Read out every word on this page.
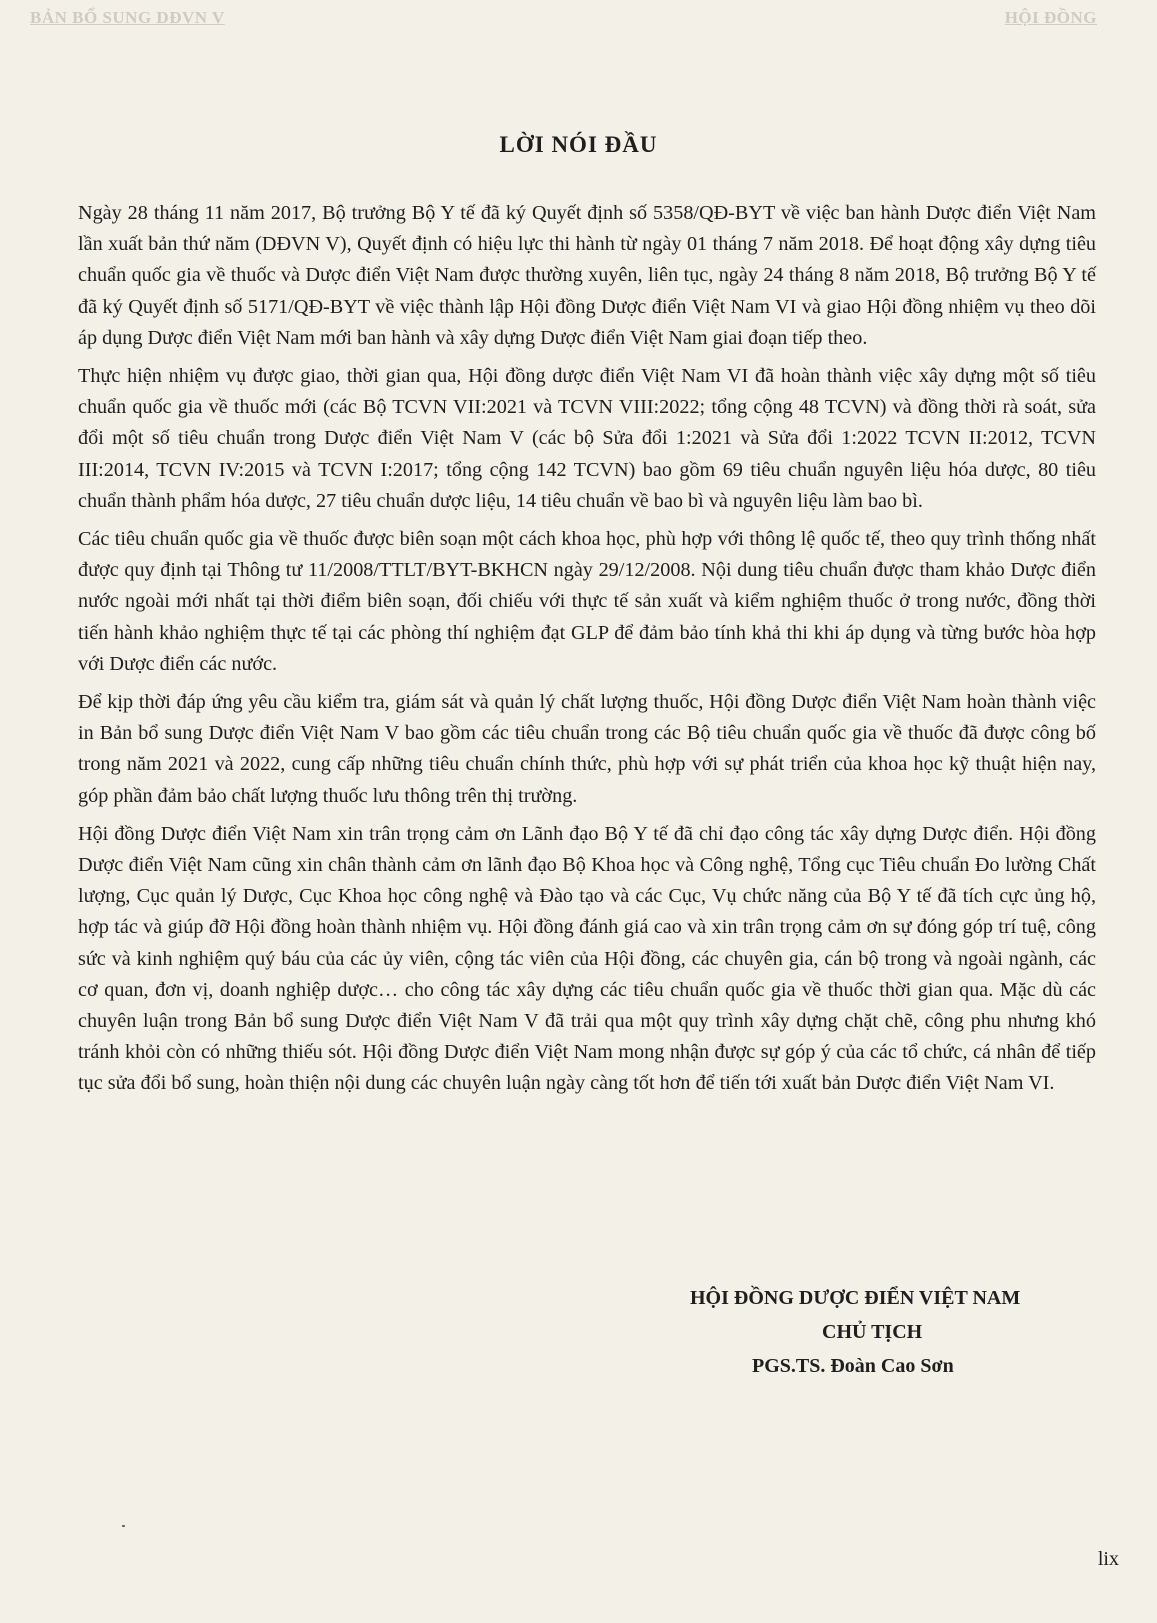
BẢN BỔ SUNG DĐVN V	HỘI ĐỒNG
LỜI NÓI ĐẦU

Ngày 28 tháng 11 năm 2017, Bộ trưởng Bộ Y tế đã ký Quyết định số 5358/QĐ-BYT về việc ban hành Dược điển Việt Nam lần xuất bản thứ năm (DĐVN V), Quyết định có hiệu lực thi hành từ ngày 01 tháng 7 năm 2018. Để hoạt động xây dựng tiêu chuẩn quốc gia về thuốc và Dược điển Việt Nam được thường xuyên, liên tục, ngày 24 tháng 8 năm 2018, Bộ trưởng Bộ Y tế đã ký Quyết định số 5171/QĐ-BYT về việc thành lập Hội đồng Dược điển Việt Nam VI và giao Hội đồng nhiệm vụ theo dõi áp dụng Dược điển Việt Nam mới ban hành và xây dựng Dược điển Việt Nam giai đoạn tiếp theo.

Thực hiện nhiệm vụ được giao, thời gian qua, Hội đồng dược điển Việt Nam VI đã hoàn thành việc xây dựng một số tiêu chuẩn quốc gia về thuốc mới (các Bộ TCVN VII:2021 và TCVN VIII:2022; tổng cộng 48 TCVN) và đồng thời rà soát, sửa đổi một số tiêu chuẩn trong Dược điển Việt Nam V (các bộ Sửa đổi 1:2021 và Sửa đổi 1:2022 TCVN II:2012, TCVN III:2014, TCVN IV:2015 và TCVN I:2017; tổng cộng 142 TCVN) bao gồm 69 tiêu chuẩn nguyên liệu hóa dược, 80 tiêu chuẩn thành phẩm hóa dược, 27 tiêu chuẩn dược liệu, 14 tiêu chuẩn về bao bì và nguyên liệu làm bao bì.

Các tiêu chuẩn quốc gia về thuốc được biên soạn một cách khoa học, phù hợp với thông lệ quốc tế, theo quy trình thống nhất được quy định tại Thông tư 11/2008/TTLT/BYT-BKHCN ngày 29/12/2008. Nội dung tiêu chuẩn được tham khảo Dược điển nước ngoài mới nhất tại thời điểm biên soạn, đối chiếu với thực tế sản xuất và kiểm nghiệm thuốc ở trong nước, đồng thời tiến hành khảo nghiệm thực tế tại các phòng thí nghiệm đạt GLP để đảm bảo tính khả thi khi áp dụng và từng bước hòa hợp với Dược điển các nước.

Để kịp thời đáp ứng yêu cầu kiểm tra, giám sát và quản lý chất lượng thuốc, Hội đồng Dược điển Việt Nam hoàn thành việc in Bản bổ sung Dược điển Việt Nam V bao gồm các tiêu chuẩn trong các Bộ tiêu chuẩn quốc gia về thuốc đã được công bố trong năm 2021 và 2022, cung cấp những tiêu chuẩn chính thức, phù hợp với sự phát triển của khoa học kỹ thuật hiện nay, góp phần đảm bảo chất lượng thuốc lưu thông trên thị trường.

Hội đồng Dược điển Việt Nam xin trân trọng cảm ơn Lãnh đạo Bộ Y tế đã chỉ đạo công tác xây dựng Dược điển. Hội đồng Dược điển Việt Nam cũng xin chân thành cảm ơn lãnh đạo Bộ Khoa học và Công nghệ, Tổng cục Tiêu chuẩn Đo lường Chất lượng, Cục quản lý Dược, Cục Khoa học công nghệ và Đào tạo và các Cục, Vụ chức năng của Bộ Y tế đã tích cực ủng hộ, hợp tác và giúp đỡ Hội đồng hoàn thành nhiệm vụ. Hội đồng đánh giá cao và xin trân trọng cảm ơn sự đóng góp trí tuệ, công sức và kinh nghiệm quý báu của các ủy viên, cộng tác viên của Hội đồng, các chuyên gia, cán bộ trong và ngoài ngành, các cơ quan, đơn vị, doanh nghiệp dược… cho công tác xây dựng các tiêu chuẩn quốc gia về thuốc thời gian qua. Mặc dù các chuyên luận trong Bản bổ sung Dược điển Việt Nam V đã trải qua một quy trình xây dựng chặt chẽ, công phu nhưng khó tránh khỏi còn có những thiếu sót. Hội đồng Dược điển Việt Nam mong nhận được sự góp ý của các tổ chức, cá nhân để tiếp tục sửa đổi bổ sung, hoàn thiện nội dung các chuyên luận ngày càng tốt hơn để tiến tới xuất bản Dược điển Việt Nam VI.

HỘI ĐỒNG DƯỢC ĐIỂN VIỆT NAM
CHỦ TỊCH
PGS.TS. Đoàn Cao Sơn
lix
